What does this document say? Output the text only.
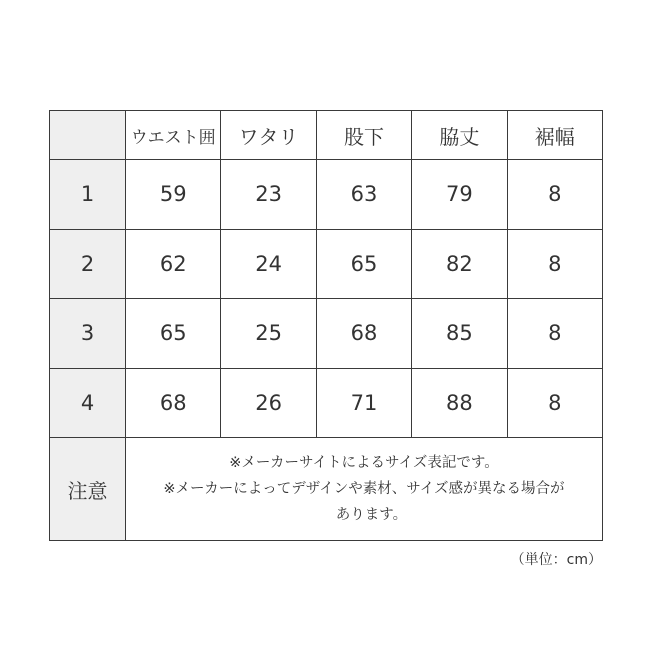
	ウエスト囲	ワタリ	股下	脇丈	裾幅
1	59	23	63	79	8
2	62	24	65	82	8
3	65	25	68	85	8
4	68	26	71	88	8
注意	※メーカーサイトによるサイズ表記です。
※メーカーによってデザインや素材、サイズ感が異なる場合が
あります。				
（単位：cm）
